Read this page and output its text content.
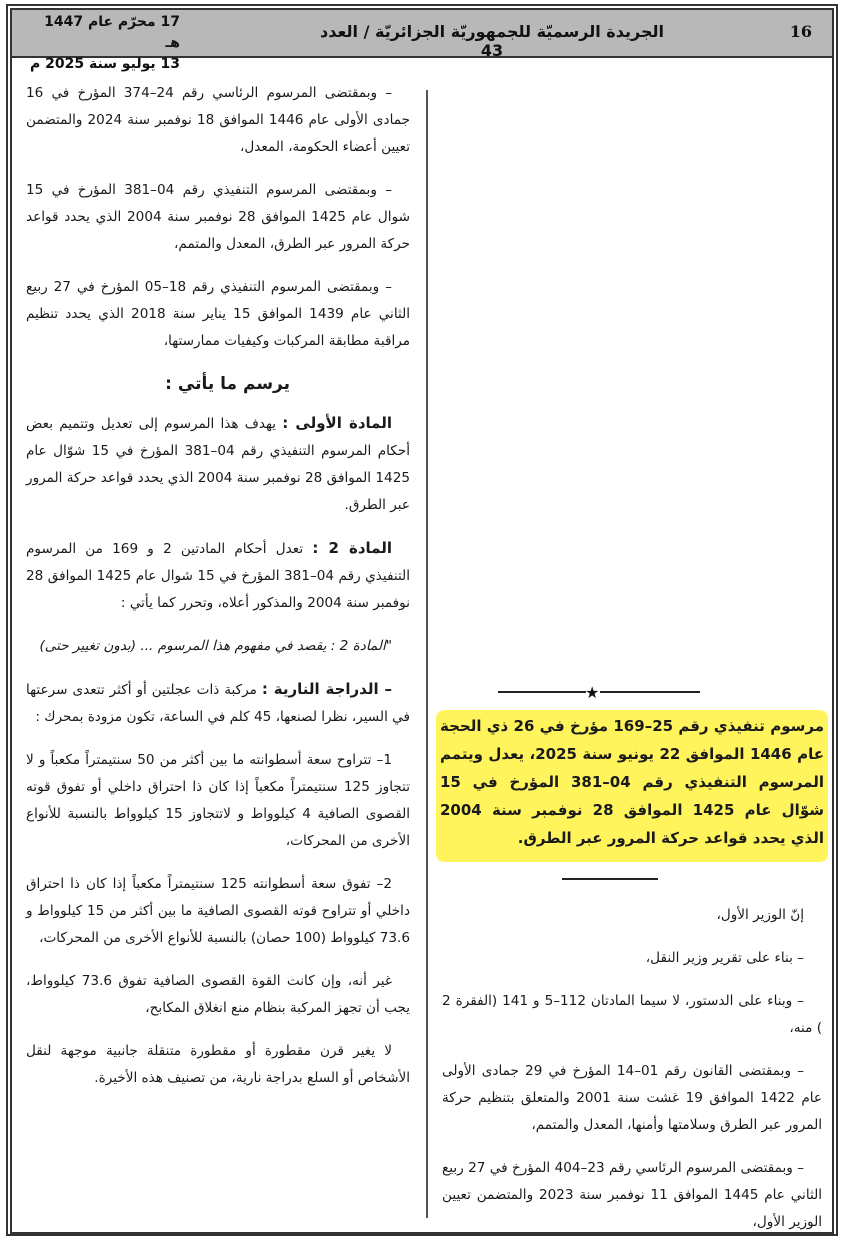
16
الجريدة الرسميّة للجمهوريّة الجزائريّة / العدد 43
17 محرّم عام 1447 هـ
13 يوليو سنة 2025 م

– وبمقتضى المرسوم الرئاسي رقم 24–374 المؤرخ في 16 جمادى الأولى عام 1446 الموافق 18 نوفمبر سنة 2024 والمتضمن تعيين أعضاء الحكومة، المعدل،

– وبمقتضى المرسوم التنفيذي رقم 04–381 المؤرخ في 15 شوال عام 1425 الموافق 28 نوفمبر سنة 2004 الذي يحدد قواعد حركة المرور عبر الطرق، المعدل والمتمم،

– وبمقتضى المرسوم التنفيذي رقم 18–05 المؤرخ في 27 ربيع الثاني عام 1439 الموافق 15 يناير سنة 2018 الذي يحدد تنظيم مراقبة مطابقة المركبات وكيفيات ممارستها،

يرسم ما يأتي :

المادة الأولى : يهدف هذا المرسوم إلى تعديل وتتميم بعض أحكام المرسوم التنفيذي رقم 04–381 المؤرخ في 15 شوّال عام 1425 الموافق 28 نوفمبر سنة 2004 الذي يحدد قواعد حركة المرور عبر الطرق.

المادة 2 : تعدل أحكام المادتين 2 و 169 من المرسوم التنفيذي رقم 04–381 المؤرخ في 15 شوال عام 1425 الموافق 28 نوفمبر سنة 2004 والمذكور أعلاه، وتحرر كما يأتي :

"المادة 2 : يقصد في مفهوم هذا المرسوم ... (بدون تغيير حتى)

– الدراجة النارية : مركبة ذات عجلتين أو أكثر تتعدى سرعتها في السير، نظرا لصنعها، 45 كلم في الساعة، تكون مزودة بمحرك :

1– تتراوح سعة أسطوانته ما بين أكثر من 50 سنتيمتراً مكعباً و لا تتجاوز 125 سنتيمتراً مكعباً إذا كان ذا احتراق داخلي أو تفوق قوته القصوى الصافية 4 كيلوواط و لاتتجاوز 15 كيلوواط بالنسبة للأنواع الأخرى من المحركات،

2– تفوق سعة أسطوانته 125 سنتيمتراً مكعباً إذا كان ذا احتراق داخلي أو تتراوح قوته القصوى الصافية ما بين أكثر من 15 كيلوواط و 73.6 كيلوواط (100 حصان) بالنسبة للأنواع الأخرى من المحركات،

غير أنه، وإن كانت القوة القصوى الصافية تفوق 73.6 كيلوواط، يجب أن تجهز المركبة بنظام منع انغلاق المكابح،

لا يغير قرن مقطورة أو مقطورة متنقلة جانبية موجهة لنقل الأشخاص أو السلع بدراجة نارية، من تصنيف هذه الأخيرة.

★

مرسوم تنفيذي رقم 25–169 مؤرخ في 26 ذي الحجة عام 1446 الموافق 22 يونيو سنة 2025، يعدل ويتمم المرسوم التنفيذي رقم 04–381 المؤرخ في 15 شوّال عام 1425 الموافق 28 نوفمبر سنة 2004 الذي يحدد قواعد حركة المرور عبر الطرق.

إنّ الوزير الأول،

– بناء على تقرير وزير النقل،

– وبناء على الدستور، لا سيما المادتان 112–5 و 141 (الفقرة 2 ) منه،

– وبمقتضى القانون رقم 01–14 المؤرخ في 29 جمادى الأولى عام 1422 الموافق 19 غشت سنة 2001 والمتعلق بتنظيم حركة المرور عبر الطرق وسلامتها وأمنها، المعدل والمتمم،

– وبمقتضى المرسوم الرئاسي رقم 23–404 المؤرخ في 27 ربيع الثاني عام 1445 الموافق 11 نوفمبر سنة 2023 والمتضمن تعيين الوزير الأول،
